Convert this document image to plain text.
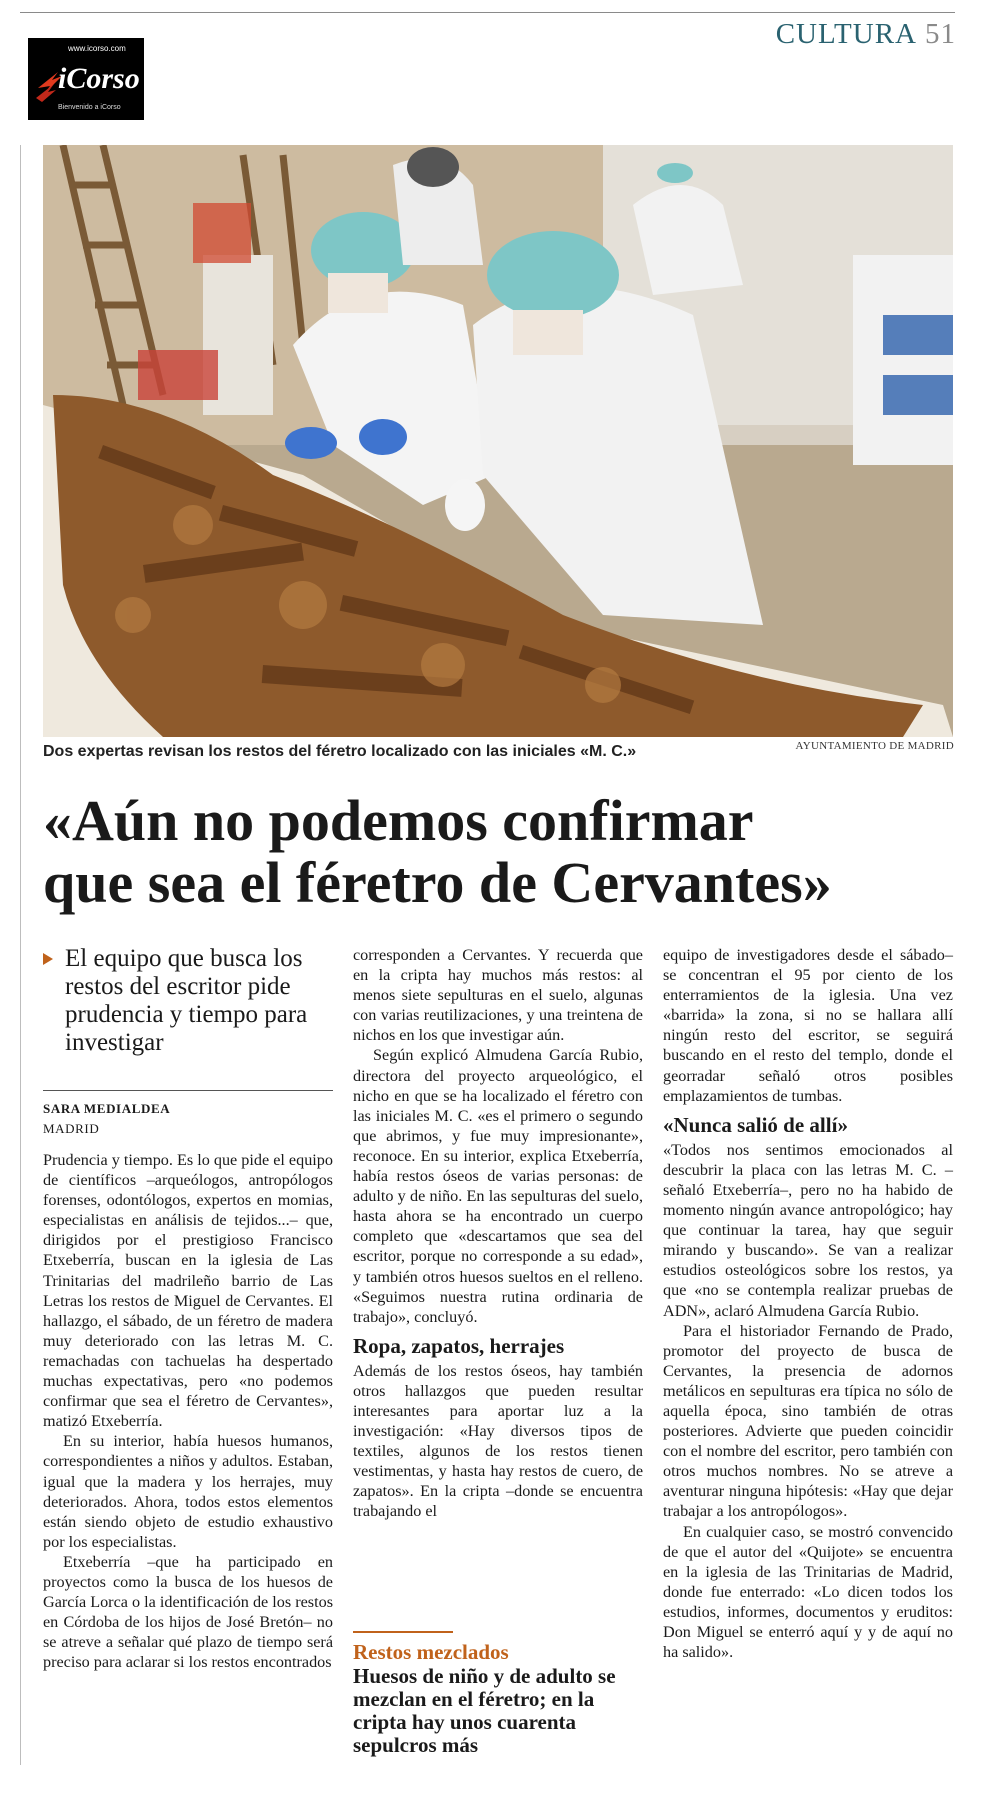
CULTURA 51
www.icorso.com
iCorso
Bienvenido a iCorso
Dos expertas revisan los restos del féretro localizado con las iniciales «M. C.»	AYUNTAMIENTO DE MADRID
«Aún no podemos confirmar
que sea el féretro de Cervantes»
El equipo que busca los restos del escritor pide prudencia y tiempo para investigar
SARA MEDIALDEA
MADRID

Prudencia y tiempo. Es lo que pide el equipo de científicos –arqueólogos, antropólogos forenses, odontólogos, expertos en momias, especialistas en análisis de tejidos...– que, dirigidos por el prestigioso Francisco Etxeberría, buscan en la iglesia de Las Trinitarias del madrileño barrio de Las Letras los restos de Miguel de Cervantes. El hallazgo, el sábado, de un féretro de madera muy deteriorado con las letras M. C. remachadas con tachuelas ha despertado muchas expectativas, pero «no podemos confirmar que sea el féretro de Cervantes», matizó Etxeberría.

En su interior, había huesos humanos, correspondientes a niños y adultos. Estaban, igual que la madera y los herrajes, muy deteriorados. Ahora, todos estos elementos están siendo objeto de estudio exhaustivo por los especialistas.

Etxeberría –que ha participado en proyectos como la busca de los huesos de García Lorca o la identificación de los restos en Córdoba de los hijos de José Bretón– no se atreve a señalar qué plazo de tiempo será preciso para aclarar si los restos encontrados

corresponden a Cervantes. Y recuerda que en la cripta hay muchos más restos: al menos siete sepulturas en el suelo, algunas con varias reutilizaciones, y una treintena de nichos en los que investigar aún.

Según explicó Almudena García Rubio, directora del proyecto arqueológico, el nicho en que se ha localizado el féretro con las iniciales M. C. «es el primero o segundo que abrimos, y fue muy impresionante», reconoce. En su interior, explica Etxeberría, había restos óseos de varias personas: de adulto y de niño. En las sepulturas del suelo, hasta ahora se ha encontrado un cuerpo completo que «descartamos que sea del escritor, porque no corresponde a su edad», y también otros huesos sueltos en el relleno. «Seguimos nuestra rutina ordinaria de trabajo», concluyó.

Ropa, zapatos, herrajes

Además de los restos óseos, hay también otros hallazgos que pueden resultar interesantes para aportar luz a la investigación: «Hay diversos tipos de textiles, algunos de los restos tienen vestimentas, y hasta hay restos de cuero, de zapatos». En la cripta –donde se encuentra trabajando el

Restos mezclados
Huesos de niño y de adulto se mezclan en el féretro; en la cripta hay unos cuarenta sepulcros más

equipo de investigadores desde el sábado– se concentran el 95 por ciento de los enterramientos de la iglesia. Una vez «barrida» la zona, si no se hallara allí ningún resto del escritor, se seguirá buscando en el resto del templo, donde el georradar señaló otros posibles emplazamientos de tumbas.

«Nunca salió de allí»

«Todos nos sentimos emocionados al descubrir la placa con las letras M. C. –señaló Etxeberría–, pero no ha habido de momento ningún avance antropológico; hay que continuar la tarea, hay que seguir mirando y buscando». Se van a realizar estudios osteológicos sobre los restos, ya que «no se contempla realizar pruebas de ADN», aclaró Almudena García Rubio.

Para el historiador Fernando de Prado, promotor del proyecto de busca de Cervantes, la presencia de adornos metálicos en sepulturas era típica no sólo de aquella época, sino también de otras posteriores. Advierte que pueden coincidir con el nombre del escritor, pero también con otros muchos nombres. No se atreve a aventurar ninguna hipótesis: «Hay que dejar trabajar a los antropólogos».

En cualquier caso, se mostró convencido de que el autor del «Quijote» se encuentra en la iglesia de las Trinitarias de Madrid, donde fue enterrado: «Lo dicen todos los estudios, informes, documentos y eruditos: Don Miguel se enterró aquí y y de aquí no ha salido».
